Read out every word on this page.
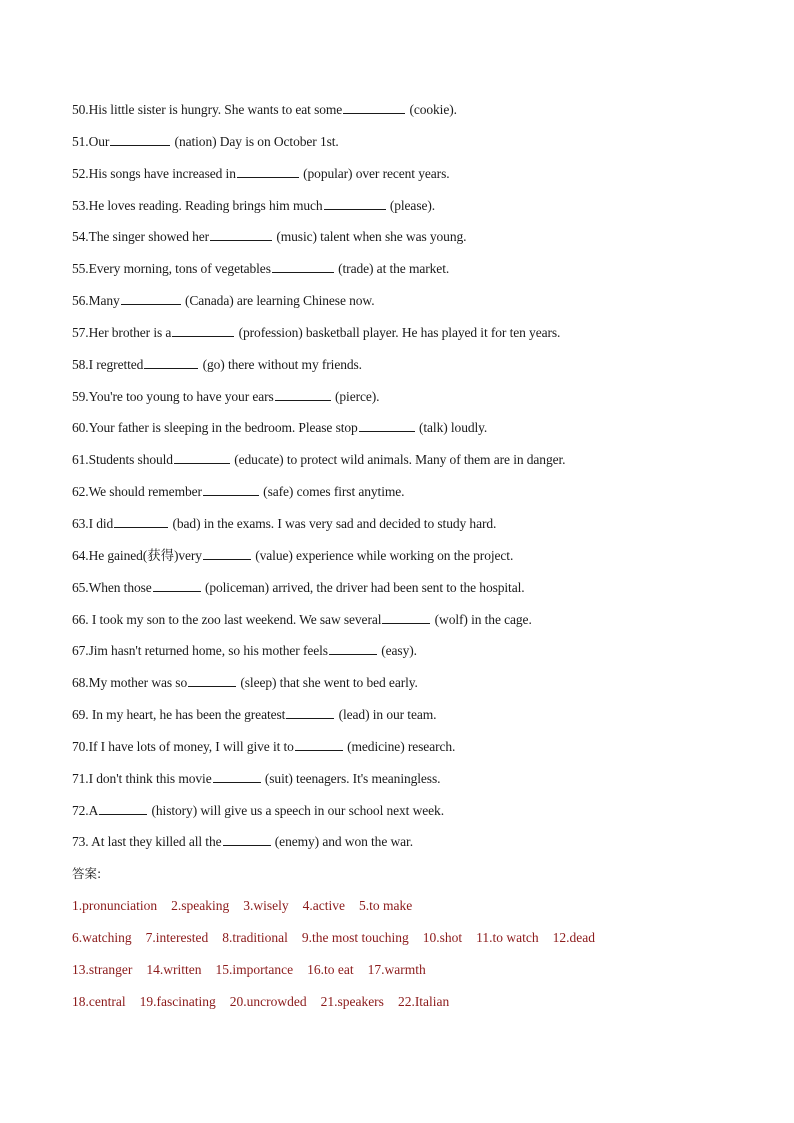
50.His little sister is hungry. She wants to eat some	(cookie).
51.Our	(nation) Day is on October 1st.
52.His songs have increased in	(popular) over recent years.
53.He loves reading. Reading brings him much	(please).
54.The singer showed her	(music) talent when she was young.
55.Every morning, tons of vegetables	(trade) at the market.
56.Many	(Canada) are learning Chinese now.
57.Her brother is a	(profession) basketball player. He has played it for ten years.
58.I regretted	(go) there without my friends.
59.You're too young to have your ears	(pierce).
60.Your father is sleeping in the bedroom. Please stop	(talk) loudly.
61.Students should	(educate) to protect wild animals. Many of them are in danger.
62.We should remember	(safe) comes first anytime.
63.I did	(bad) in the exams. I was very sad and decided to study hard.
64.He gained(获得)very	(value) experience while working on the project.
65.When those	(policeman) arrived, the driver had been sent to the hospital.
66. I took my son to the zoo last weekend. We saw several	(wolf) in the cage.
67.Jim hasn't returned home, so his mother feels	(easy).
68.My mother was so	(sleep) that she went to bed early.
69. In my heart, he has been the greatest	(lead) in our team.
70.If I have lots of money, I will give it to	(medicine) research.
71.I don't think this movie	(suit) teenagers. It's meaningless.
72.A	(history) will give us a speech in our school next week.
73. At last they killed all the	(enemy) and won the war.
答案:
1.pronunciation 2.speaking 3.wisely 4.active 5.to make
6.watching 7.interested 8.traditional 9.the most touching 10.shot 11.to watch 12.dead
13.stranger 14.written 15.importance 16.to eat 17.warmth
18.central 19.fascinating 20.uncrowded 21.speakers 22.Italian
